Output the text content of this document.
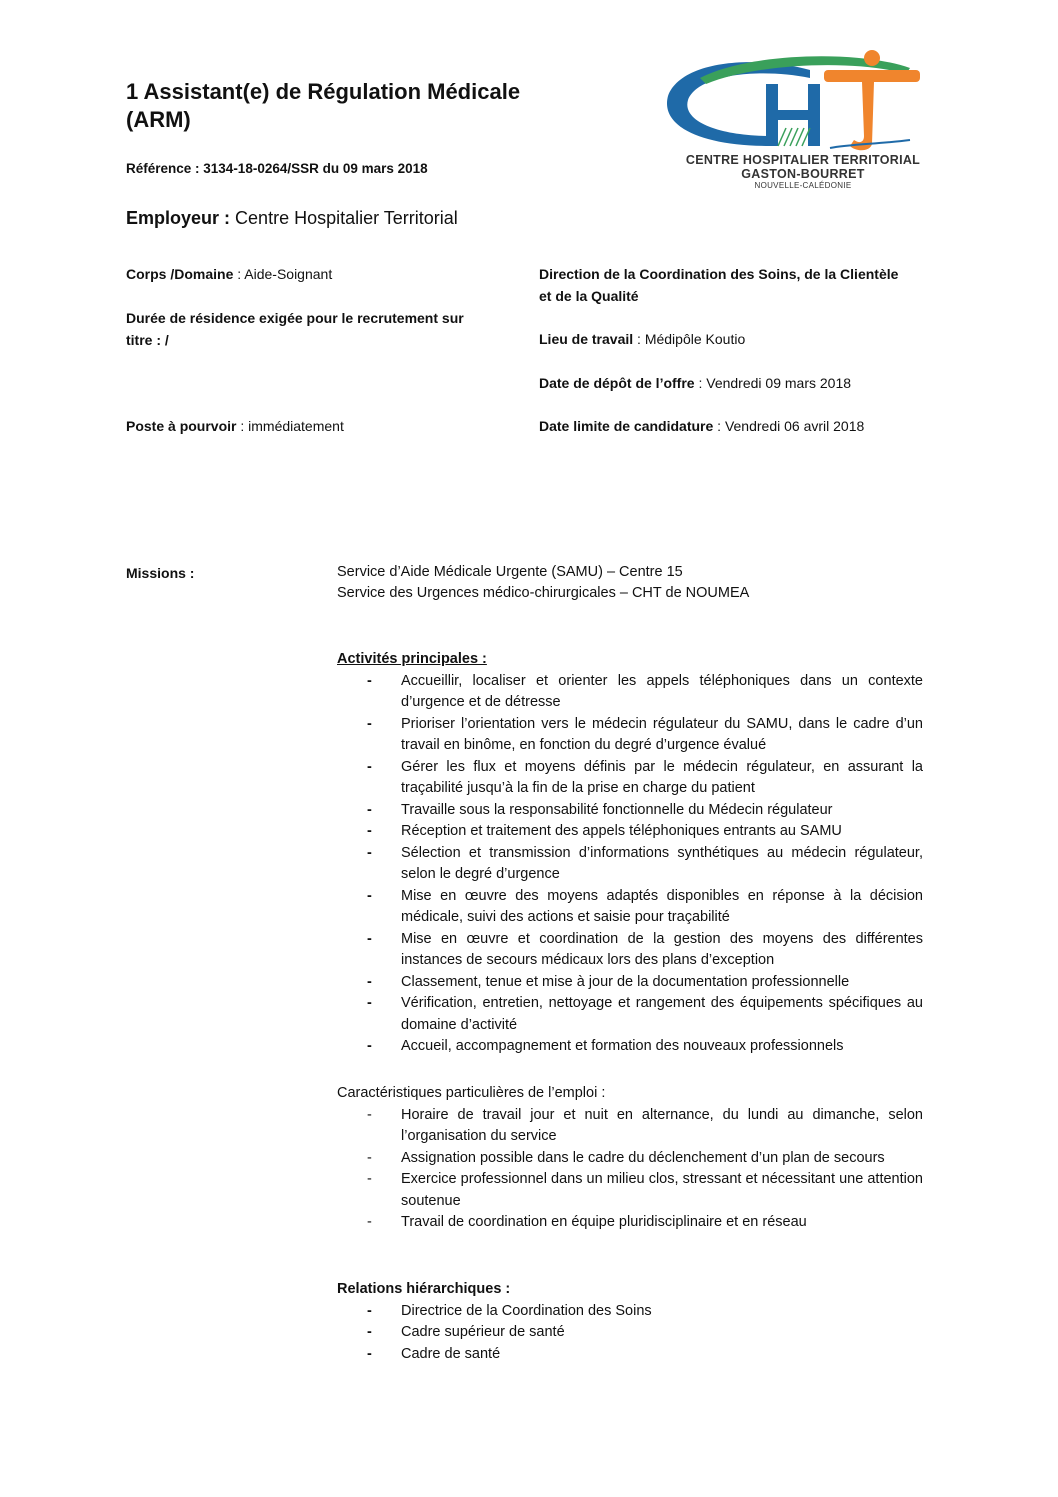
1 Assistant(e) de Régulation Médicale
(ARM)
Référence : 3134-18-0264/SSR du 09 mars 2018
Employeur : Centre Hospitalier Territorial
CENTRE HOSPITALIER TERRITORIAL
GASTON-BOURRET
NOUVELLE-CALÉDONIE
Corps /Domaine : Aide-Soignant
Durée de résidence exigée pour le recrutement sur
titre : /
Poste à pourvoir : immédiatement
Direction de la Coordination des Soins, de la Clientèle
et de la Qualité
Lieu de travail : Médipôle Koutio
Date de dépôt de l’offre : Vendredi 09 mars 2018
Date limite de candidature : Vendredi 06 avril 2018
Missions :	Service d’Aide Médicale Urgente (SAMU) – Centre 15
Service des Urgences médico-chirurgicales – CHT de NOUMEA
Activités principales :
- Accueillir, localiser et orienter les appels téléphoniques dans un contexte d’urgence et de détresse
- Prioriser l’orientation vers le médecin régulateur du SAMU, dans le cadre d’un travail en binôme, en fonction du degré d’urgence évalué
- Gérer les flux et moyens définis par le médecin régulateur, en assurant la traçabilité jusqu’à la fin de la prise en charge du patient
- Travaille sous la responsabilité fonctionnelle du Médecin régulateur
- Réception et traitement des appels téléphoniques entrants au SAMU
- Sélection et transmission d’informations synthétiques au médecin régulateur, selon le degré d’urgence
- Mise en œuvre des moyens adaptés disponibles en réponse à la décision médicale, suivi des actions et saisie pour traçabilité
- Mise en œuvre et coordination de la gestion des moyens des différentes instances de secours médicaux lors des plans d’exception
- Classement, tenue et mise à jour de la documentation professionnelle
- Vérification, entretien, nettoyage et rangement des équipements spécifiques au domaine d’activité
- Accueil, accompagnement et formation des nouveaux professionnels
Caractéristiques particulières de l’emploi :
- Horaire de travail jour et nuit en alternance, du lundi au dimanche, selon l’organisation du service
- Assignation possible dans le cadre du déclenchement d’un plan de secours
- Exercice professionnel dans un milieu clos, stressant et nécessitant une attention soutenue
- Travail de coordination en équipe pluridisciplinaire et en réseau
Relations hiérarchiques :
- Directrice de la Coordination des Soins
- Cadre supérieur de santé
- Cadre de santé
